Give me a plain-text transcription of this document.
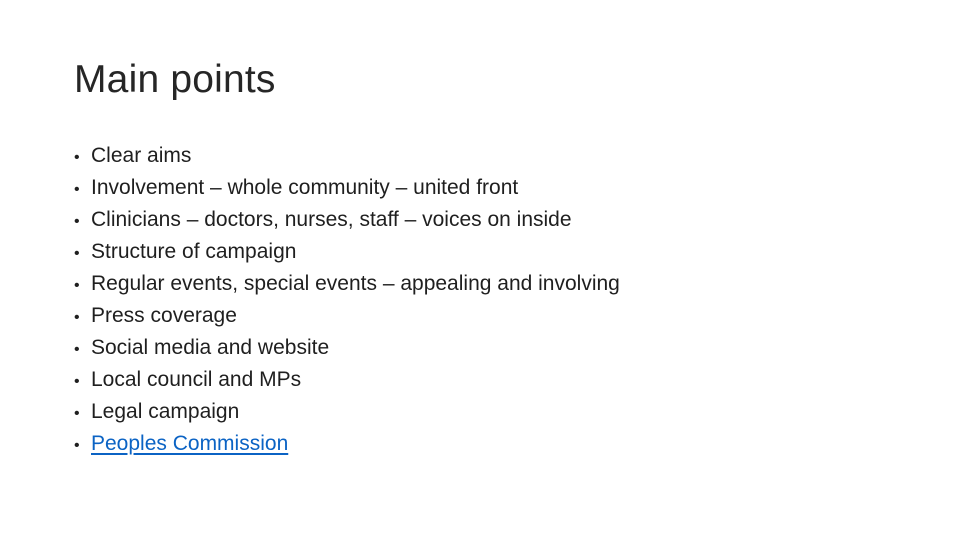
Main points
• Clear aims
• Involvement – whole community – united front
• Clinicians – doctors, nurses, staff – voices on inside
• Structure of campaign
• Regular events, special events – appealing and involving
• Press coverage
• Social media and website
• Local council and MPs
• Legal campaign
• Peoples Commission
